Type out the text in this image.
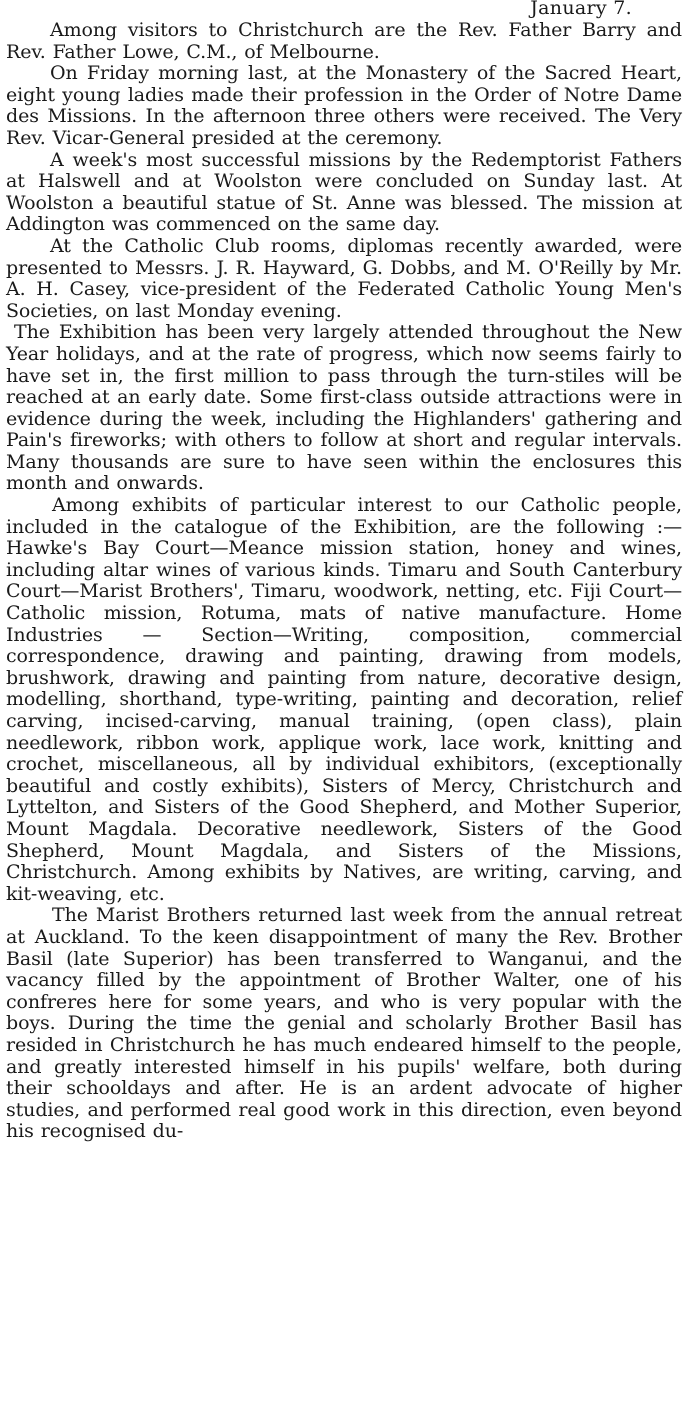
January 7.

Among visitors to Christchurch are the Rev. Father Barry and Rev. Father Lowe, C.M., of Melbourne.

On Friday morning last, at the Monastery of the Sacred Heart, eight young ladies made their profession in the Order of Notre Dame des Missions. In the afternoon three others were received. The Very Rev. Vicar-General presided at the ceremony.

A week's most successful missions by the Redemptorist Fathers at Halswell and at Woolston were concluded on Sunday last. At Woolston a beautiful statue of St. Anne was blessed. The mission at Addington was commenced on the same day.

At the Catholic Club rooms, diplomas recently awarded, were presented to Messrs. J. R. Hayward, G. Dobbs, and M. O'Reilly by Mr. A. H. Casey, vice-president of the Federated Catholic Young Men's Societies, on last Monday evening.

The Exhibition has been very largely attended throughout the New Year holidays, and at the rate of progress, which now seems fairly to have set in, the first million to pass through the turn-stiles will be reached at an early date. Some first-class outside attractions were in evidence during the week, including the Highlanders' gathering and Pain's fireworks; with others to follow at short and regular intervals. Many thousands are sure to have seen within the enclosures this month and onwards.

Among exhibits of particular interest to our Catholic people, included in the catalogue of the Exhibition, are the following :—Hawke's Bay Court—Meance mission station, honey and wines, including altar wines of various kinds. Timaru and South Canterbury Court—Marist Brothers', Timaru, woodwork, netting, etc. Fiji Court—Catholic mission, Rotuma, mats of native manufacture. Home Industries — Section—Writing, composition, commercial correspondence, drawing and painting, drawing from models, brushwork, drawing and painting from nature, decorative design, modelling, shorthand, type-writing, painting and decoration, relief carving, incised-carving, manual training, (open class), plain needlework, ribbon work, applique work, lace work, knitting and crochet, miscellaneous, all by individual exhibitors, (exceptionally beautiful and costly exhibits), Sisters of Mercy, Christchurch and Lyttelton, and Sisters of the Good Shepherd, and Mother Superior, Mount Magdala. Decorative needlework, Sisters of the Good Shepherd, Mount Magdala, and Sisters of the Missions, Christchurch. Among exhibits by Natives, are writing, carving, and kit-weaving, etc.

The Marist Brothers returned last week from the annual retreat at Auckland. To the keen disappointment of many the Rev. Brother Basil (late Superior) has been transferred to Wanganui, and the vacancy filled by the appointment of Brother Walter, one of his confreres here for some years, and who is very popular with the boys. During the time the genial and scholarly Brother Basil has resided in Christchurch he has much endeared himself to the people, and greatly interested himself in his pupils' welfare, both during their schooldays and after. He is an ardent advocate of higher studies, and performed real good work in this direction, even beyond his recognised du-
